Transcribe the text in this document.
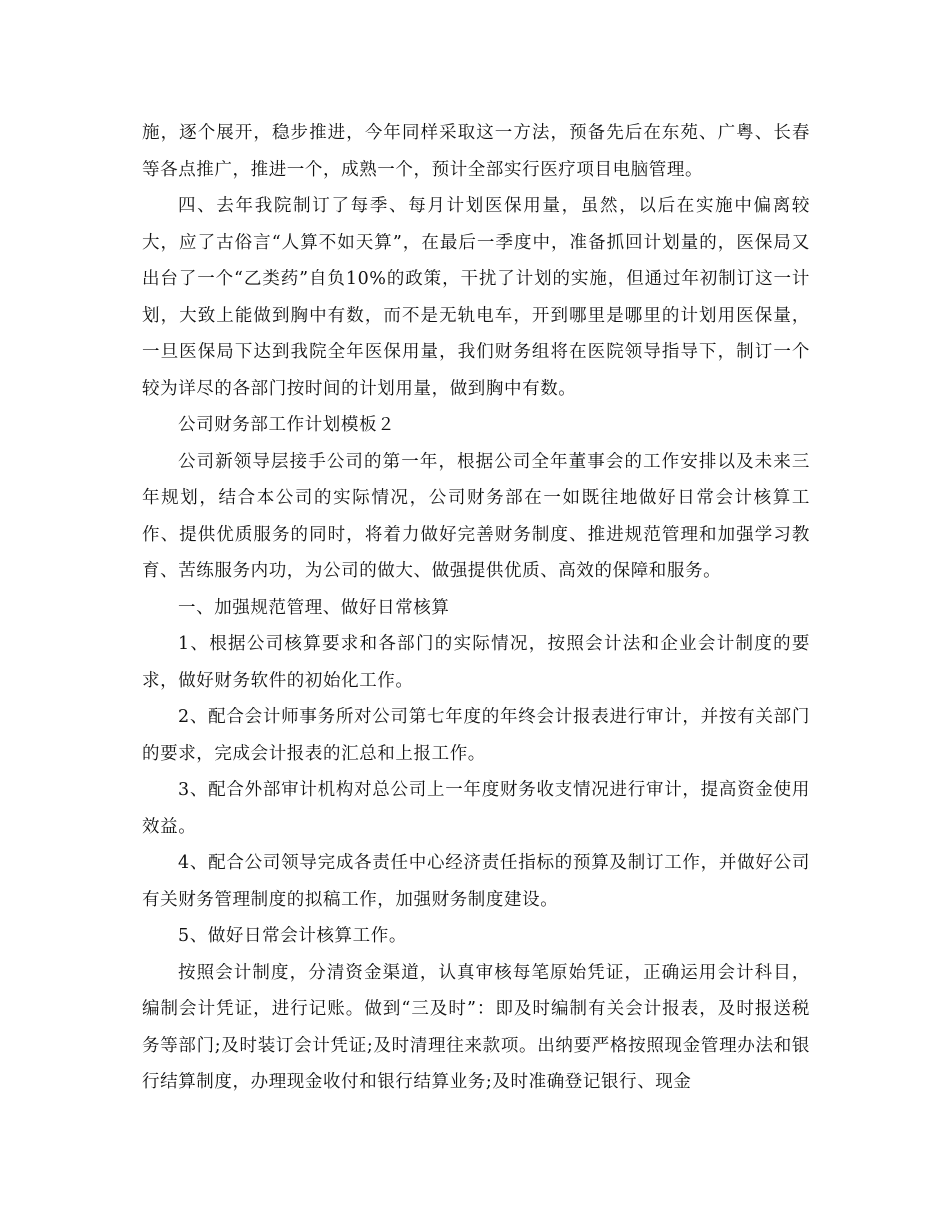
施，逐个展开，稳步推进，今年同样采取这一方法，预备先后在东苑、广粤、长春等各点推广，推进一个，成熟一个，预计全部实行医疗项目电脑管理。

四、去年我院制订了每季、每月计划医保用量，虽然，以后在实施中偏离较大，应了古俗言“人算不如天算”，在最后一季度中，准备抓回计划量的，医保局又出台了一个“乙类药”自负10%的政策，干扰了计划的实施，但通过年初制订这一计划，大致上能做到胸中有数，而不是无轨电车，开到哪里是哪里的计划用医保量，一旦医保局下达到我院全年医保用量，我们财务组将在医院领导指导下，制订一个较为详尽的各部门按时间的计划用量，做到胸中有数。

公司财务部工作计划模板２

公司新领导层接手公司的第一年，根据公司全年董事会的工作安排以及未来三年规划，结合本公司的实际情况，公司财务部在一如既往地做好日常会计核算工作、提供优质服务的同时，将着力做好完善财务制度、推进规范管理和加强学习教育、苦练服务内功，为公司的做大、做强提供优质、高效的保障和服务。

一、加强规范管理、做好日常核算

1、根据公司核算要求和各部门的实际情况，按照会计法和企业会计制度的要求，做好财务软件的初始化工作。

2、配合会计师事务所对公司第七年度的年终会计报表进行审计，并按有关部门的要求，完成会计报表的汇总和上报工作。

3、配合外部审计机构对总公司上一年度财务收支情况进行审计，提高资金使用效益。

4、配合公司领导完成各责任中心经济责任指标的预算及制订工作，并做好公司有关财务管理制度的拟稿工作，加强财务制度建设。

5、做好日常会计核算工作。

按照会计制度，分清资金渠道，认真审核每笔原始凭证，正确运用会计科目，编制会计凭证，进行记账。做到“三及时”：即及时编制有关会计报表，及时报送税务等部门;及时装订会计凭证;及时清理往来款项。出纳要严格按照现金管理办法和银行结算制度，办理现金收付和银行结算业务;及时准确登记银行、现金
